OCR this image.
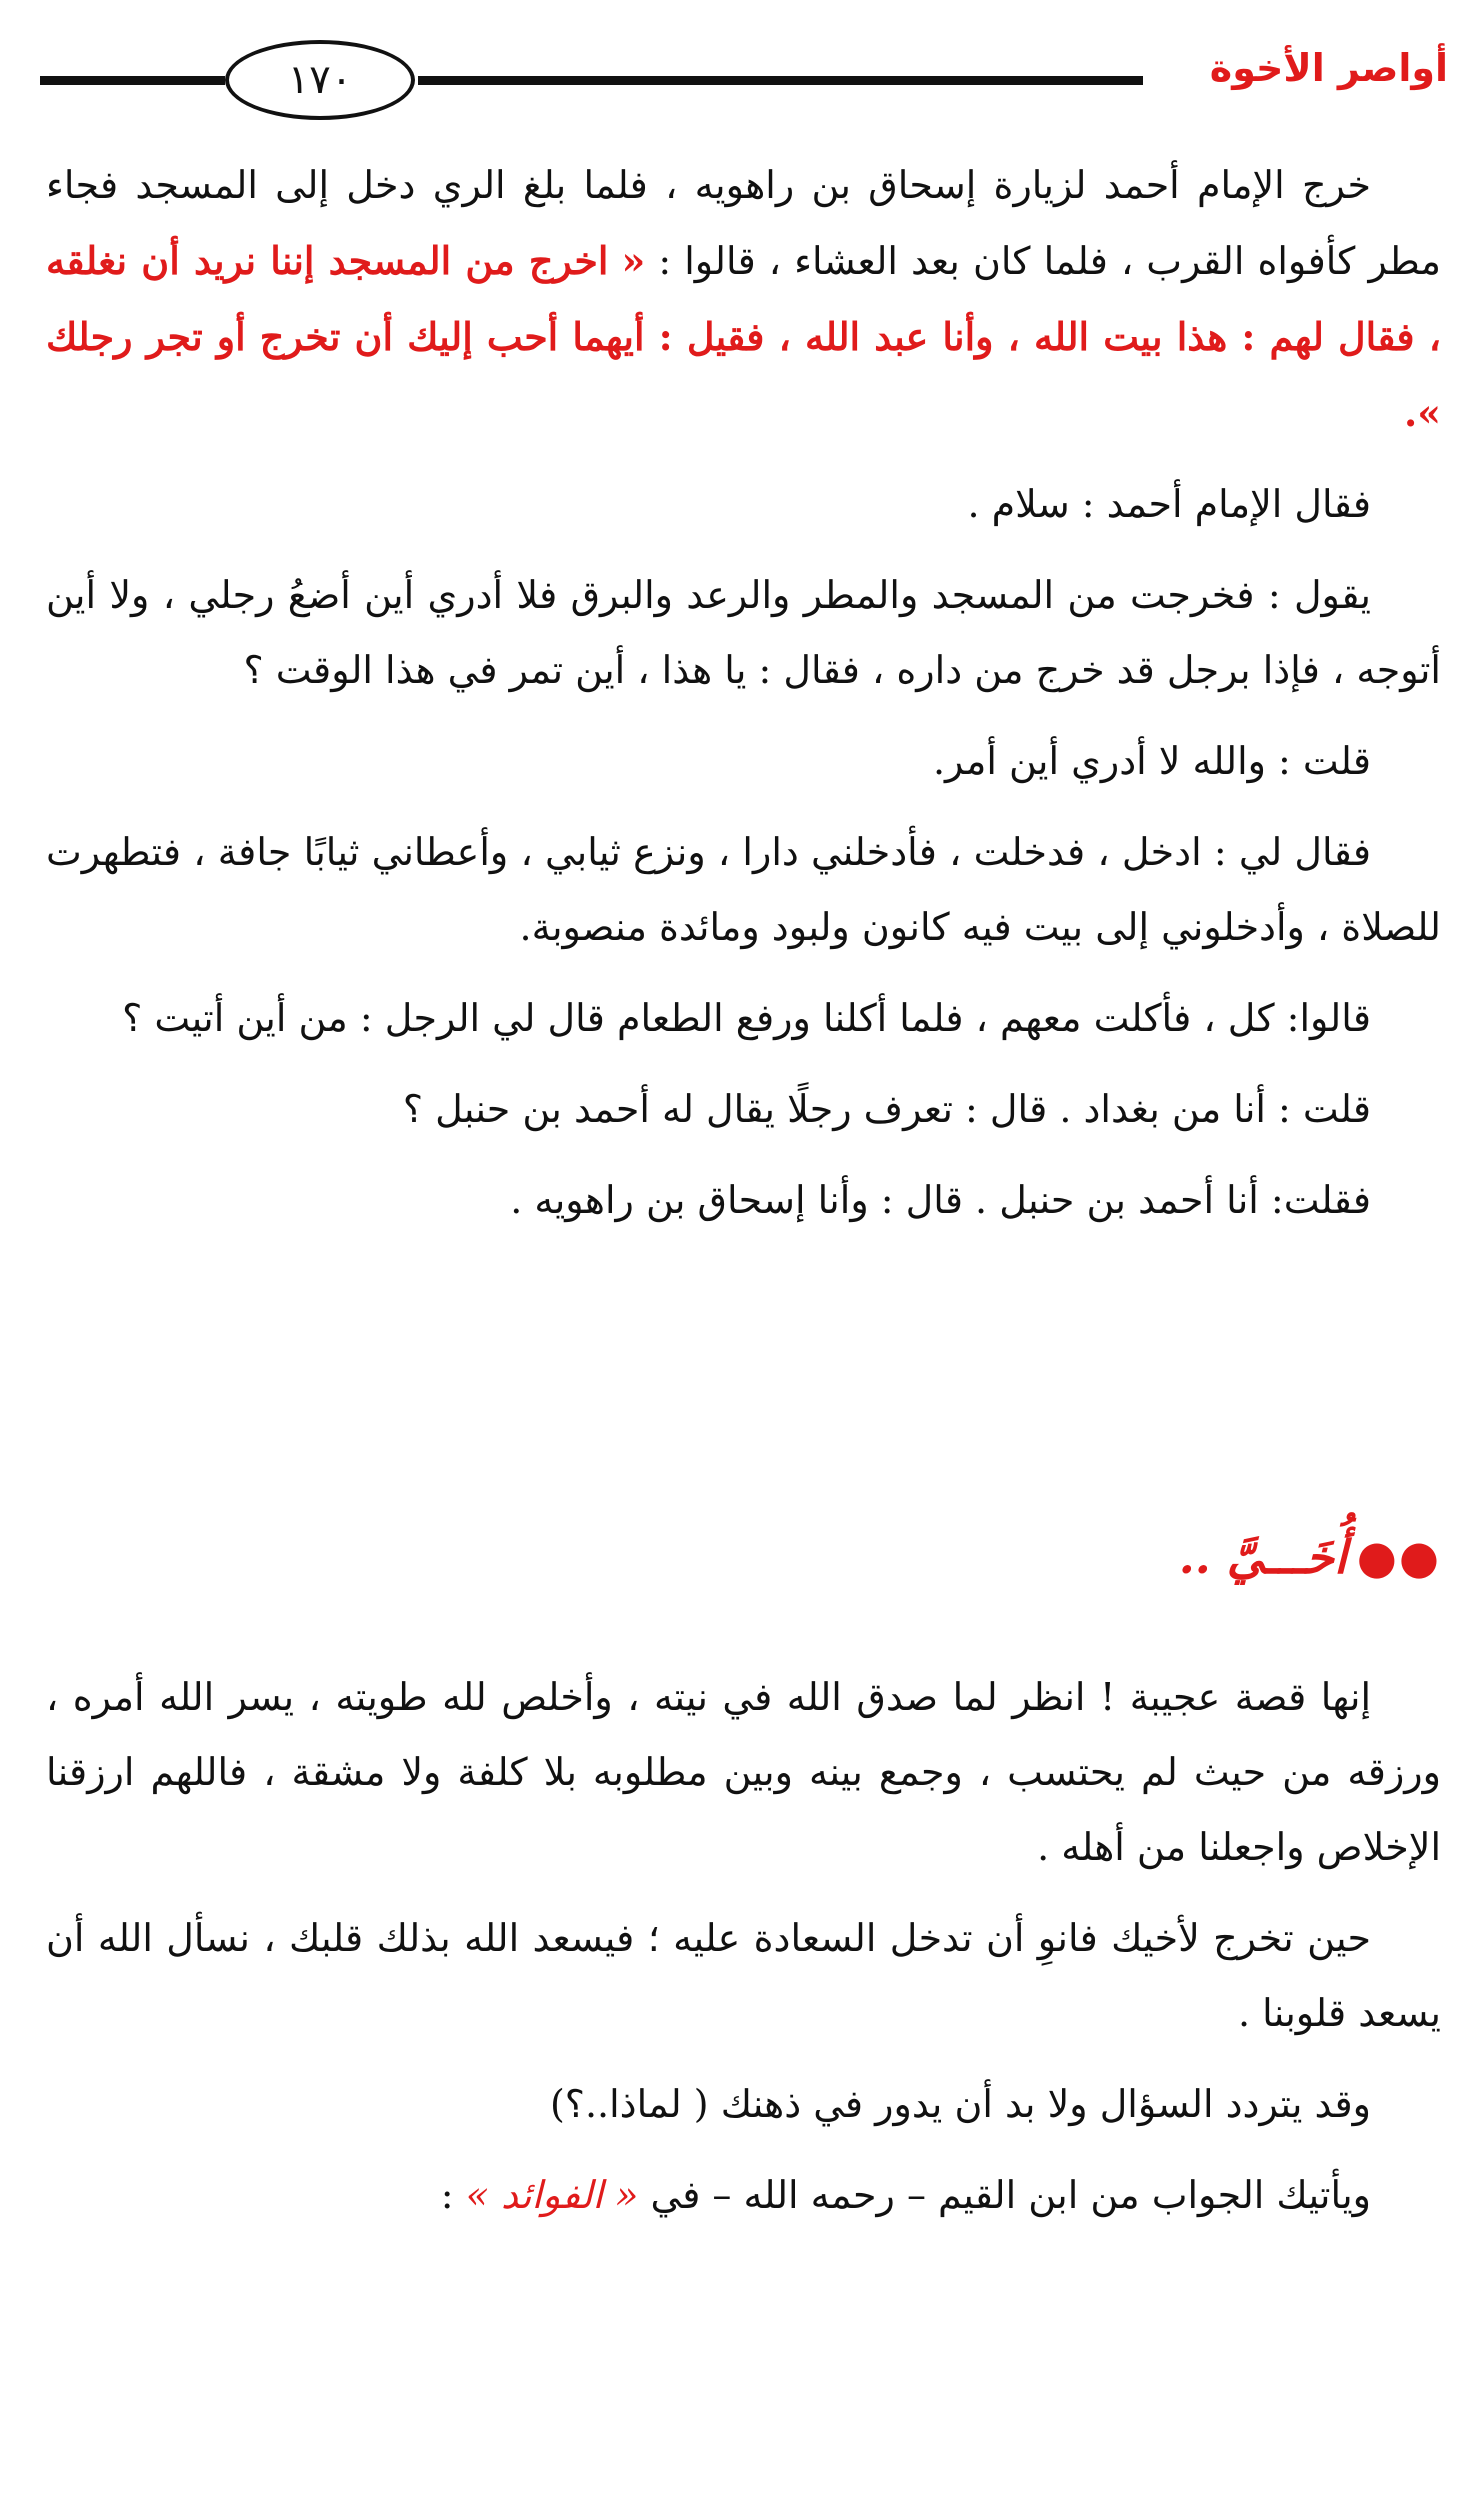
أواصر الأخوة
١٧٠

خرج الإمام أحمد لزيارة إسحاق بن راهويه ، فلما بلغ الري دخل إلى المسجد فجاء مطر كأفواه القرب ، فلما كان بعد العشاء ، قالوا : « اخرج من المسجد إننا نريد أن نغلقه ، فقال لهم : هذا بيت الله ، وأنا عبد الله ، فقيل : أيهما أحب إليك أن تخرج أو تجر رجلك ».

فقال الإمام أحمد : سلام .

يقول : فخرجت من المسجد والمطر والرعد والبرق فلا أدري أين أضعُ رجلي ، ولا أين أتوجه ، فإذا برجل قد خرج من داره ، فقال : يا هذا ، أين تمر في هذا الوقت ؟

قلت : والله لا أدري أين أمر.

فقال لي : ادخل ، فدخلت ، فأدخلني دارا ، ونزع ثيابي ، وأعطاني ثيابًا جافة ، فتطهرت للصلاة ، وأدخلوني إلى بيت فيه كانون ولبود ومائدة منصوبة.

قالوا: كل ، فأكلت معهم ، فلما أكلنا ورفع الطعام قال لي الرجل : من أين أتيت ؟

قلت : أنا من بغداد . قال : تعرف رجلًا يقال له أحمد بن حنبل ؟

فقلت: أنا أحمد بن حنبل . قال : وأنا إسحاق بن راهويه .

●●أُخَـــيَّ ..

إنها قصة عجيبة ! انظر لما صدق الله في نيته ، وأخلص لله طويته ، يسر الله أمره ، ورزقه من حيث لم يحتسب ، وجمع بينه وبين مطلوبه بلا كلفة ولا مشقة ، فاللهم ارزقنا الإخلاص واجعلنا من أهله .

حين تخرج لأخيك فانوِ أن تدخل السعادة عليه ؛ فيسعد الله بذلك قلبك ، نسأل الله أن يسعد قلوبنا .

وقد يتردد السؤال ولا بد أن يدور في ذهنك ( لماذا..؟)

ويأتيك الجواب من ابن القيم – رحمه الله – في « الفوائد » :
